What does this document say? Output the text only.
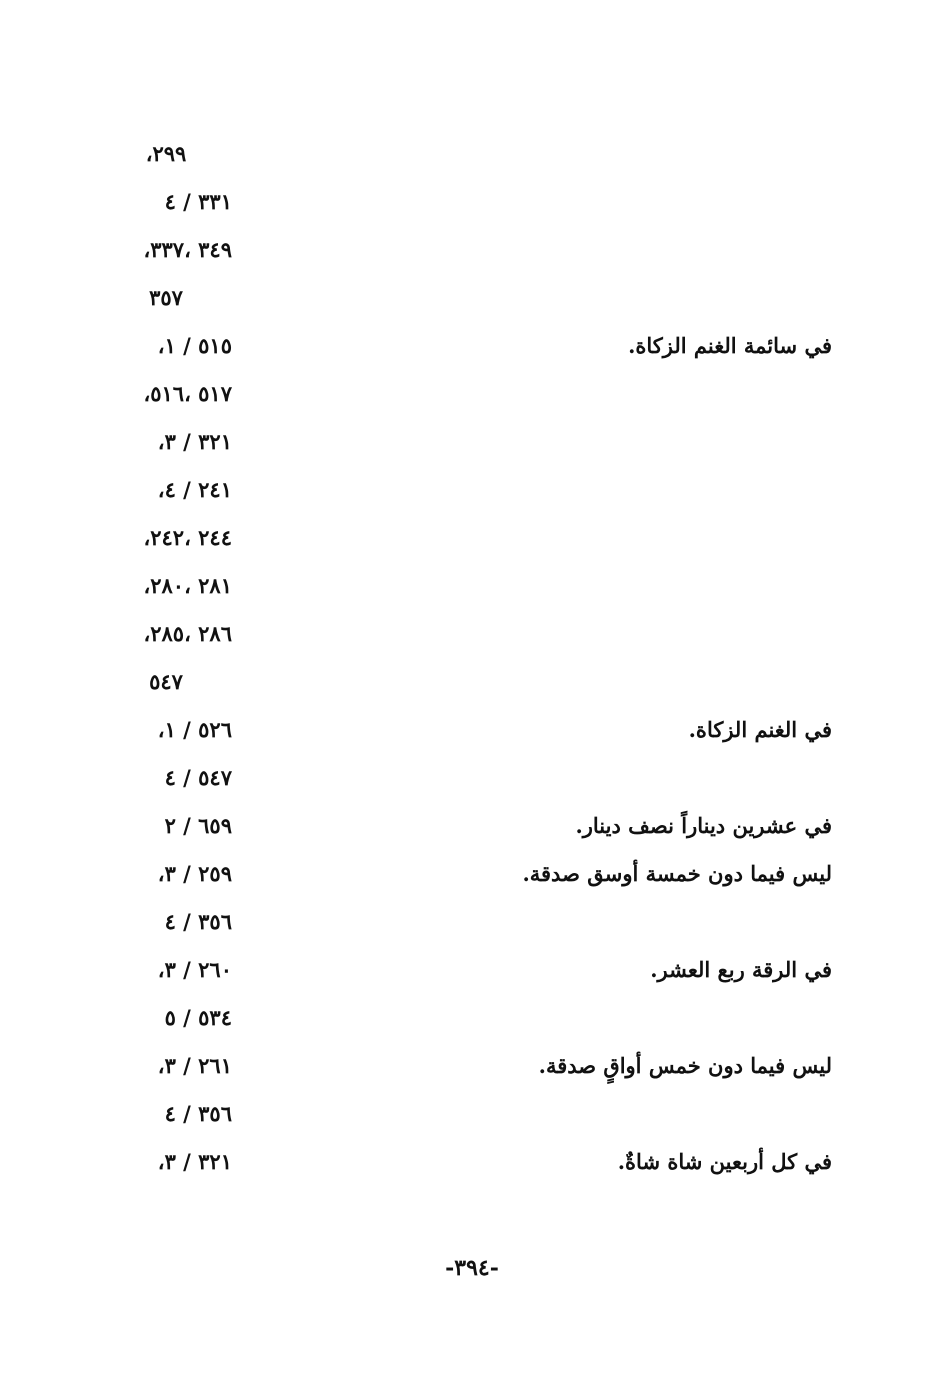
،٢٩٩
٣٣١ / ٤
،٣٤٩ ،٣٣٧
٣٥٧
في سائمة الغنم الزكاة.
،٥١٥ / ١
،٥١٧ ،٥١٦
،٣٢١ / ٣
،٢٤١ / ٤
،٢٤٤ ،٢٤٢
،٢٨١ ،٢٨٠
،٢٨٦ ،٢٨٥
٥٤٧
في الغنم الزكاة.
،٥٢٦ / ١
٥٤٧ / ٤
في عشرين ديناراً نصف دينار.
٦٥٩ / ٢
ليس فيما دون خمسة أوسق صدقة.
،٢٥٩ / ٣
٣٥٦ / ٤
في الرقة ربع العشر.
،٢٦٠ / ٣
٥٣٤ / ٥
ليس فيما دون خمس أواقٍ صدقة.
،٢٦١ / ٣
٣٥٦ / ٤
في كل أربعين شاة شاةٌ.
،٣٢١ / ٣
-٣٩٤-
